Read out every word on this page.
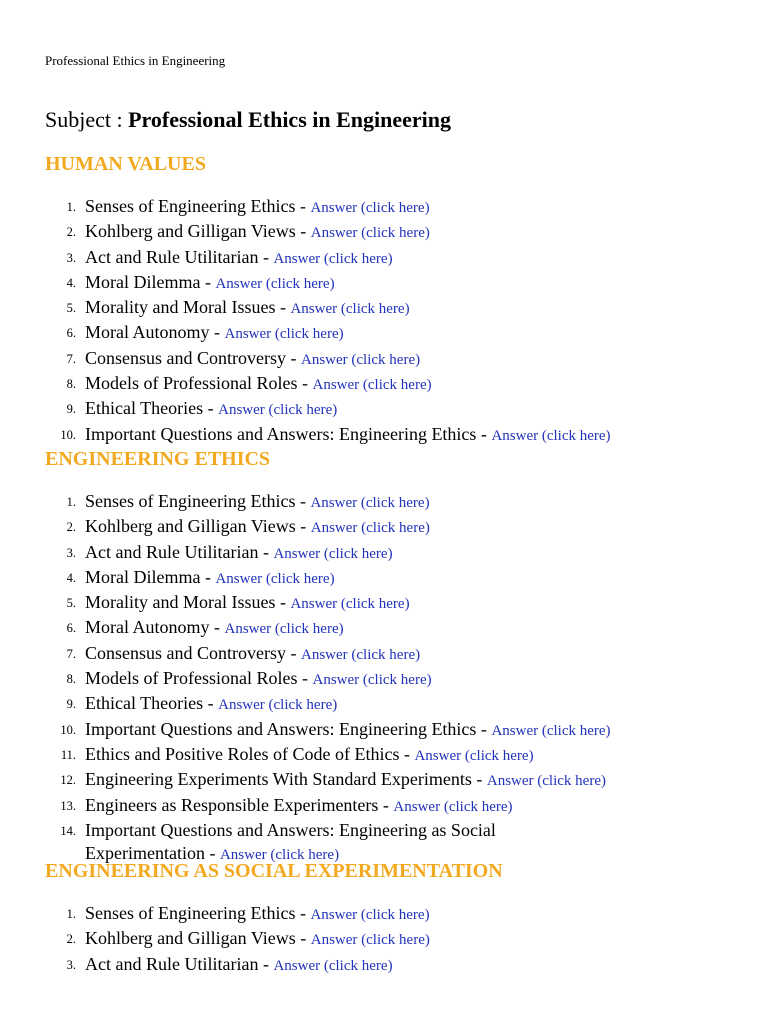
Professional Ethics in Engineering
Subject : Professional Ethics in Engineering
HUMAN VALUES
1. Senses of Engineering Ethics - Answer (click here)
2. Kohlberg and Gilligan Views - Answer (click here)
3. Act and Rule Utilitarian - Answer (click here)
4. Moral Dilemma - Answer (click here)
5. Morality and Moral Issues - Answer (click here)
6. Moral Autonomy - Answer (click here)
7. Consensus and Controversy - Answer (click here)
8. Models of Professional Roles - Answer (click here)
9. Ethical Theories - Answer (click here)
10. Important Questions and Answers: Engineering Ethics - Answer (click here)
ENGINEERING ETHICS
1. Senses of Engineering Ethics - Answer (click here)
2. Kohlberg and Gilligan Views - Answer (click here)
3. Act and Rule Utilitarian - Answer (click here)
4. Moral Dilemma - Answer (click here)
5. Morality and Moral Issues - Answer (click here)
6. Moral Autonomy - Answer (click here)
7. Consensus and Controversy - Answer (click here)
8. Models of Professional Roles - Answer (click here)
9. Ethical Theories - Answer (click here)
10. Important Questions and Answers: Engineering Ethics - Answer (click here)
11. Ethics and Positive Roles of Code of Ethics - Answer (click here)
12. Engineering Experiments With Standard Experiments - Answer (click here)
13. Engineers as Responsible Experimenters - Answer (click here)
14. Important Questions and Answers: Engineering as Social Experimentation - Answer (click here)
ENGINEERING AS SOCIAL EXPERIMENTATION
1. Senses of Engineering Ethics - Answer (click here)
2. Kohlberg and Gilligan Views - Answer (click here)
3. Act and Rule Utilitarian - Answer (click here)
